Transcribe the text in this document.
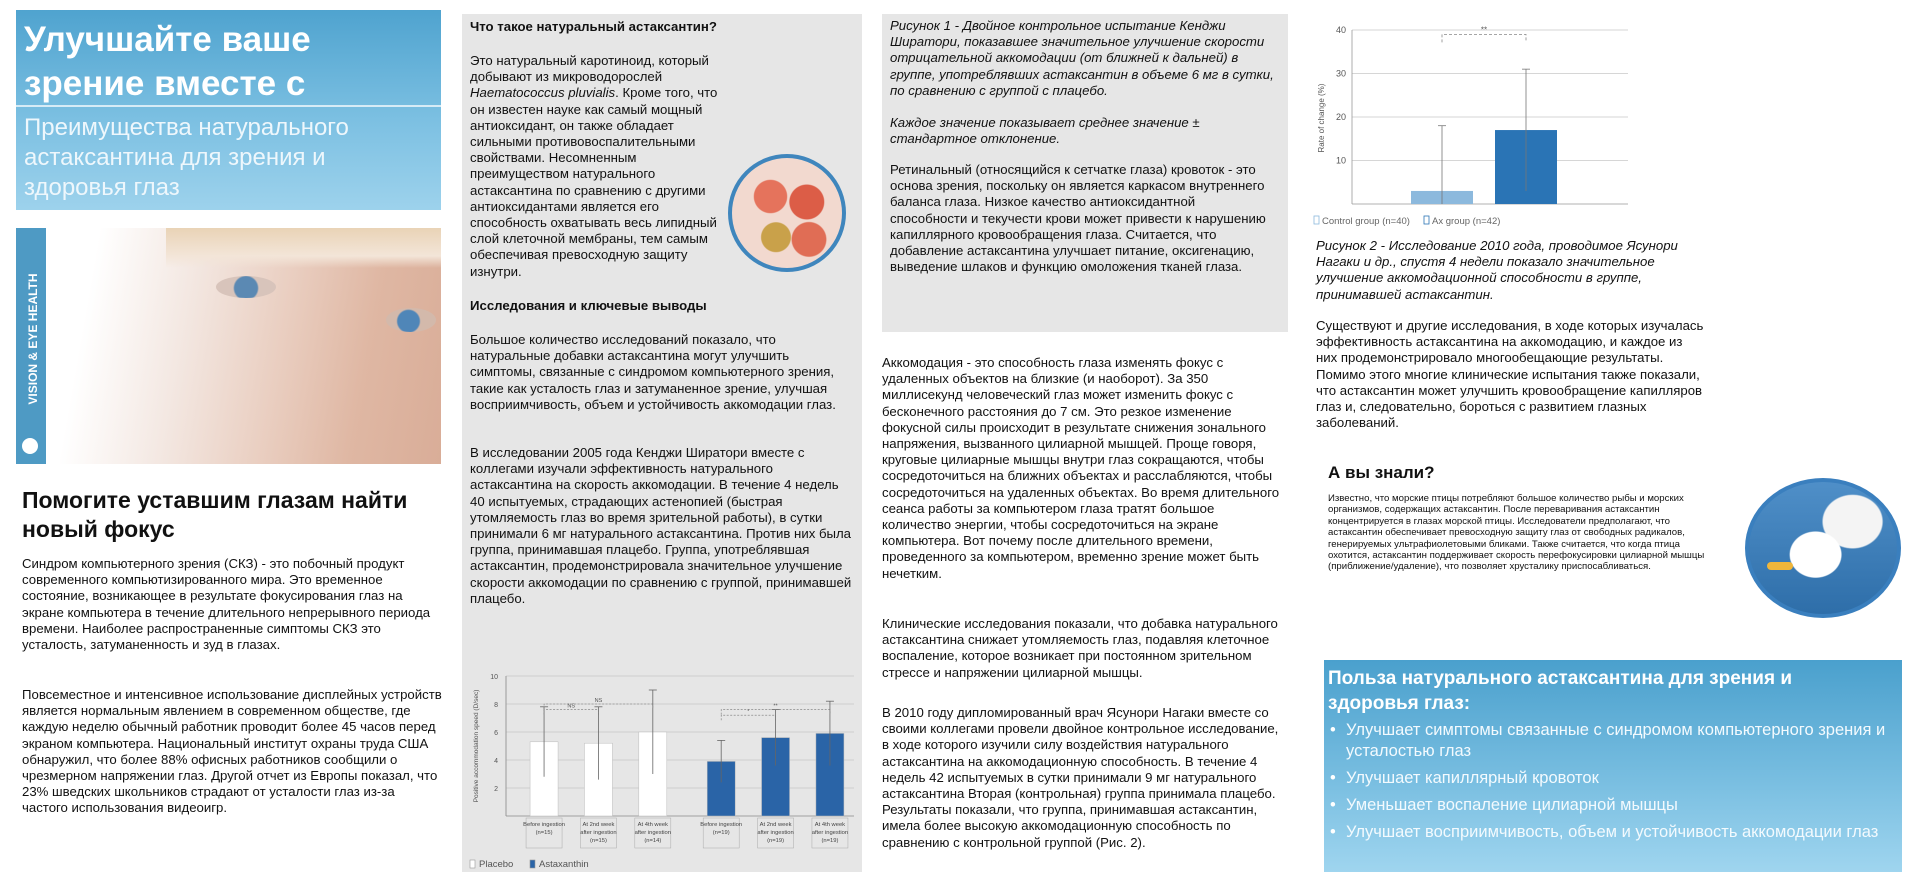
Улучшайте ваше зрение вместе с
Преимущества натурального астаксантина для зрения и здоровья глаз
VISION & EYE HEALTH
Помогите уставшим глазам найти новый фокус

Синдром компьютерного зрения (СКЗ) - это побочный продукт современного компьютизированного мира. Это временное состояние, возникающее в результате фокусирования глаз на экране компьютера в течение длительного непрерывного периода времени. Наиболее распространенные симптомы СКЗ это усталость, затуманенность и зуд в глазах.

Повсеместное и интенсивное использование дисплейных устройств является нормальным явлением в современном обществе, где каждую неделю обычный работник проводит более 45 часов перед экраном компьютера. Национальный институт охраны труда США обнаружил, что более 88% офисных работников сообщили о чрезмерном напряжении глаз. Другой отчет из Европы показал, что 23% шведских школьников страдают от усталости глаз из-за частого использования видеоигр.

Что такое натуральный астаксантин?

Это натуральный каротиноид, который добывают из микроводорослей Haematococcus pluvialis. Кроме того, что он известен науке как самый мощный антиоксидант, он также обладает сильными противовоспалительными свойствами. Несомненным преимуществом натурального астаксантина по сравнению с другими антиоксидантами является его способность охватывать весь липидный слой клеточной мембраны, тем самым обеспечивая превосходную защиту изнутри.

Исследования и ключевые выводы

Большое количество исследований показало, что натуральные добавки астаксантина могут улучшить симптомы, связанные с синдромом компьютерного зрения, такие как усталость глаз и затуманенное зрение, улучшая восприимчивость, объем и устойчивость аккомодации глаз.

В исследовании 2005 года Кенджи Ширатори вместе с коллегами изучали эффективность натурального астаксантина на скорость аккомодации. В течение 4 недель 40 испытуемых, страдающих астенопией (быстрая утомляемость глаз во время зрительной работы), в сутки принимали 6 мг натурального астаксантина. Против них была группа, принимавшая плацебо. Группа, употреблявшая астаксантин, продемонстрировала значительное улучшение скорости аккомодации по сравнению с группой, принимавшей плацебо.

2
4
6
8
10
Positive accommodation speed (D/sec)
Before ingestion
(n=15)
At 2nd week
after ingestion
(n=15)
At 4th week
after ingestion
(n=14)
Before ingestion
(n=19)
At 2nd week
after ingestion
(n=19)
At 4th week
after ingestion
(n=19)
NS
NS
*
**
Placebo	Astaxanthin

Рисунок 1 - Двойное контрольное испытание Кенджи Ширатори, показавшее значительное улучшение скорости отрицательной аккомодации (от ближней к дальней) в группе, употреблявших астаксантин в объеме 6 мг в сутки, по сравнению с группой с плацебо.

Каждое значение показывает среднее значение ± стандартное отклонение.

Ретинальный (относящийся к сетчатке глаза) кровоток - это основа зрения, поскольку он является каркасом внутреннего баланса глаза. Низкое качество антиоксидантной способности и текучести крови может привести к нарушению капиллярного кровообращения глаза. Считается, что добавление астаксантина улучшает питание, оксигенацию, выведение шлаков и функцию омоложения тканей глаза.

Аккомодация - это способность глаза изменять фокус с удаленных объектов на близкие (и наоборот). За 350 миллисекунд человеческий глаз может изменить фокус с бесконечного расстояния до 7 см. Это резкое изменение фокусной силы происходит в результате снижения зонального напряжения, вызванного цилиарной мышцей. Проще говоря, круговые цилиарные мышцы внутри глаз сокращаются, чтобы сосредоточиться на ближних объектах и расслабляются, чтобы сосредоточиться на удаленных объектах. Во время длительного сеанса работы за компьютером глаза тратят большое количество энергии, чтобы сосредоточиться на экране компьютера. Вот почему после длительного времени, проведенного за компьютером, временно зрение может быть нечетким.

Клинические исследования показали, что добавка натурального астаксантина снижает утомляемость глаз, подавляя клеточное воспаление, которое возникает при постоянном зрительном стрессе и напряжении цилиарной мышцы.

В 2010 году дипломированный врач Ясунори Нагаки вместе со своими коллегами провели двойное контрольное исследование, в ходе которого изучили силу воздействия натурального астаксантина на аккомодационную способность. В течение 4 недель 42 испытуемых в сутки принимали 9 мг натурального астаксантина Вторая (контрольная) группа принимала плацебо. Результаты показали, что группа, принимавшая астаксантин, имела более высокую аккомодационную способность по сравнению с контрольной группой (Рис. 2).

10
20
30
40
Rate of change (%)
**
Control group (n=40) Ax group (n=42)

Рисунок 2 - Исследование 2010 года, проводимое Ясунори Нагаки и др., спустя 4 недели показало значительное улучшение аккомодационной способности в группе, принимавшей астаксантин.

Существуют и другие исследования, в ходе которых изучалась эффективность астаксантина на аккомодацию, и каждое из них продемонстрировало многообещающие результаты. Помимо этого многие клинические испытания также показали, что астаксантин может улучшить кровообращение капилляров глаз и, следовательно, бороться с развитием глазных заболеваний.

А вы знали?

Известно, что морские птицы потребляют большое количество рыбы и морских организмов, содержащих астаксантин. После переваривания астаксантин концентрируется в глазах морской птицы. Исследователи предполагают, что астаксантин обеспечивает превосходную защиту глаз от свободных радикалов, генерируемых ультрафиолетовыми бликами. Также считается, что когда птица охотится, астаксантин поддерживает скорость перефокусировки цилиарной мышцы (приближение/удаление), что позволяет хрусталику приспосабливаться.

Польза натурального астаксантина для зрения и здоровья глаз:
• Улучшает симптомы связанные с синдромом компьютерного зрения и усталостью глаз
• Улучшает капиллярный кровоток
• Уменьшает воспаление цилиарной мышцы
• Улучшает восприимчивость, объем и устойчивость аккомодации глаз
